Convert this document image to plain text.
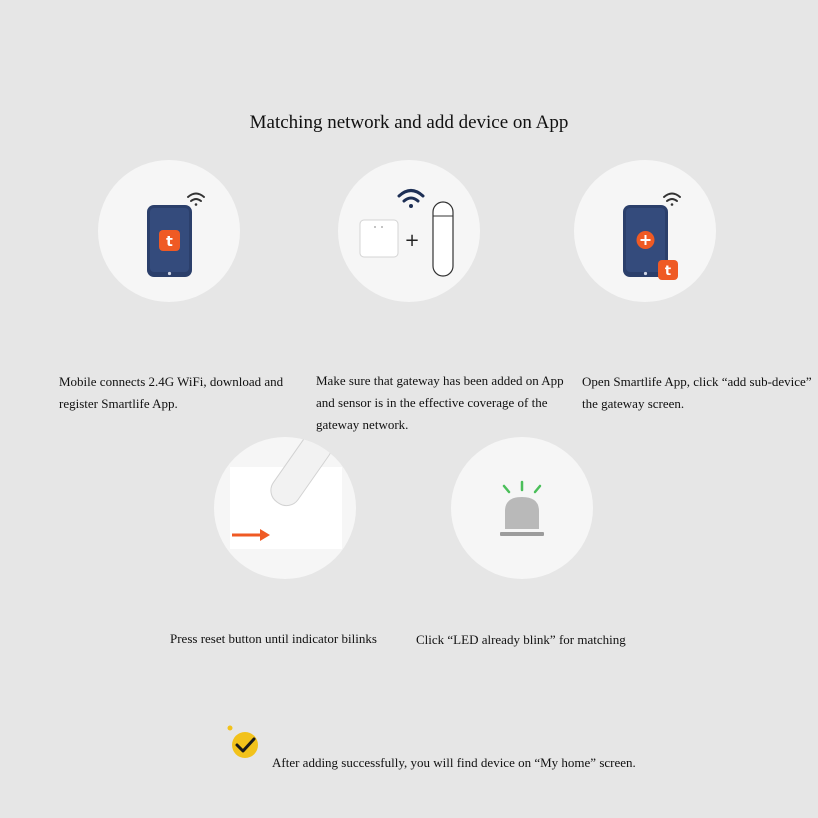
Matching network and add device on App
t	+
t
Mobile connects 2.4G WiFi, download and register Smartlife App.
Make sure that gateway has been added on App and sensor is in the effective coverage of the gateway network.
Open Smartlife App, click “add sub-device” the gateway screen.
Press reset button until indicator bilinks	Click “LED already blink” for matching
After adding successfully, you will find device on “My home” screen.
